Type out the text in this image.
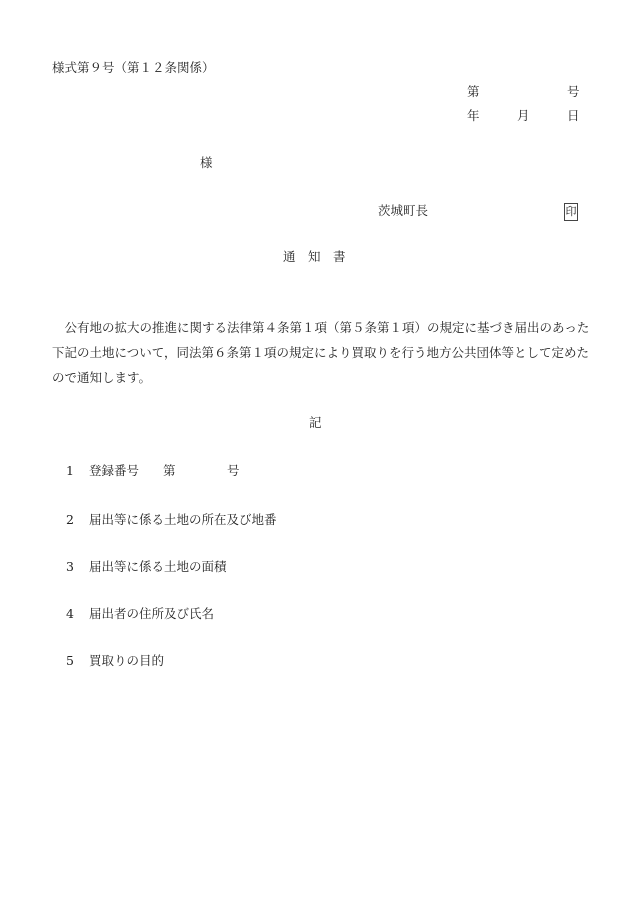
様式第９号（第１２条関係）
第	号
年	月	日
様
茨城町長	印
通　知　書
　公有地の拡大の推進に関する法律第４条第１項（第５条第１項）の規定に基づき届出のあった
下記の土地について，同法第６条第１項の規定により買取りを行う地方公共団体等として定めた
ので通知します。
記
1 登録番号 第	号
2 届出等に係る土地の所在及び地番
3 届出等に係る土地の面積
4 届出者の住所及び氏名
5 買取りの目的
